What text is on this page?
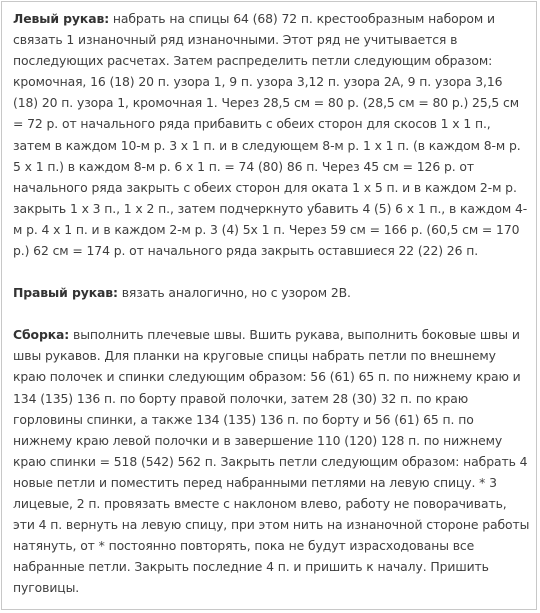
Левый рукав: набрать на спицы 64 (68) 72 п. крестообразным набором и связать 1 изнаночный ряд изнаночными. Этот ряд не учитывается в последующих расчетах. Затем распределить петли следующим образом: кромочная, 16 (18) 20 п. узора 1, 9 п. узора 3,12 п. узора 2А, 9 п. узора 3,16 (18) 20 п. узора 1, кромочная 1. Через 28,5 см = 80 р. (28,5 см = 80 р.) 25,5 см = 72 р. от начального ряда прибавить с обеих сторон для скосов 1 х 1 п., затем в каждом 10-м р. 3 х 1 п. и в следующем 8-м р. 1 х 1 п. (в каждом 8-м р. 5 х 1 п.) в каждом 8-м р. 6 х 1 п. = 74 (80) 86 п. Через 45 см = 126 р. от начального ряда закрыть с обеих сторон для оката 1 х 5 п. и в каждом 2-м р. закрыть 1 х 3 п., 1 х 2 п., затем подчеркнуто убавить 4 (5) 6 х 1 п., в каждом 4-м р. 4 х 1 п. и в каждом 2-м р. 3 (4) 5х 1 п. Через 59 см = 166 р. (60,5 см = 170 р.) 62 см = 174 р. от начального ряда закрыть оставшиеся 22 (22) 26 п.

Правый рукав: вязать аналогично, но с узором 2В.

Сборка: выполнить плечевые швы. Вшить рукава, выполнить боковые швы и швы рукавов. Для планки на круговые спицы набрать петли по внешнему краю полочек и спинки следующим образом: 56 (61) 65 п. по нижнему краю и 134 (135) 136 п. по борту правой полочки, затем 28 (30) 32 п. по краю горловины спинки, а также 134 (135) 136 п. по борту и 56 (61) 65 п. по нижнему краю левой полочки и в завершение 110 (120) 128 п. по нижнему краю спинки = 518 (542) 562 п. Закрыть петли следующим образом: набрать 4 новые петли и поместить перед набранными петлями на левую спицу. * 3 лицевые, 2 п. провязать вместе с наклоном влево, работу не поворачивать, эти 4 п. вернуть на левую спицу, при этом нить на изнаночной стороне работы натянуть, от * постоянно повторять, пока не будут израсходованы все набранные петли. Закрыть последние 4 п. и пришить к началу. Пришить пуговицы.
